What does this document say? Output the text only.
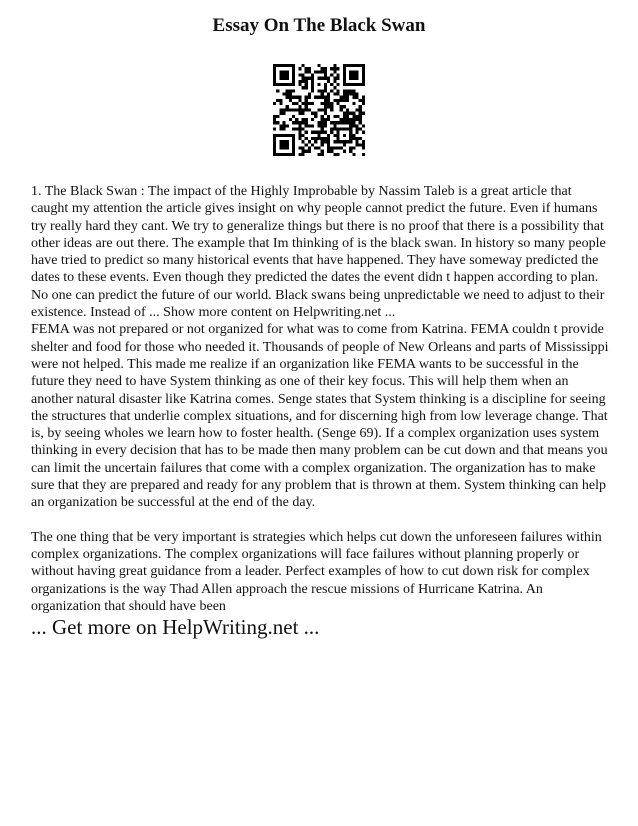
Essay On The Black Swan

1. The Black Swan : The impact of the Highly Improbable by Nassim Taleb is a great article that caught my attention the article gives insight on why people cannot predict the future. Even if humans try really hard they cant. We try to generalize things but there is no proof that there is a possibility that other ideas are out there. The example that Im thinking of is the black swan. In history so many people have tried to predict so many historical events that have happened. They have someway predicted the dates to these events. Even though they predicted the dates the event didn t happen according to plan. No one can predict the future of our world. Black swans being unpredictable we need to adjust to their existence. Instead of ... Show more content on Helpwriting.net ...

FEMA was not prepared or not organized for what was to come from Katrina. FEMA couldn t provide shelter and food for those who needed it. Thousands of people of New Orleans and parts of Mississippi were not helped. This made me realize if an organization like FEMA wants to be successful in the future they need to have System thinking as one of their key focus. This will help them when an another natural disaster like Katrina comes. Senge states that System thinking is a discipline for seeing the structures that underlie complex situations, and for discerning high from low leverage change. That is, by seeing wholes we learn how to foster health. (Senge 69). If a complex organization uses system thinking in every decision that has to be made then many problem can be cut down and that means you can limit the uncertain failures that come with a complex organization. The organization has to make sure that they are prepared and ready for any problem that is thrown at them. System thinking can help an organization be successful at the end of the day.

The one thing that be very important is strategies which helps cut down the unforeseen failures within complex organizations. The complex organizations will face failures without planning properly or without having great guidance from a leader. Perfect examples of how to cut down risk for complex organizations is the way Thad Allen approach the rescue missions of Hurricane Katrina. An organization that should have been

... Get more on HelpWriting.net ...
